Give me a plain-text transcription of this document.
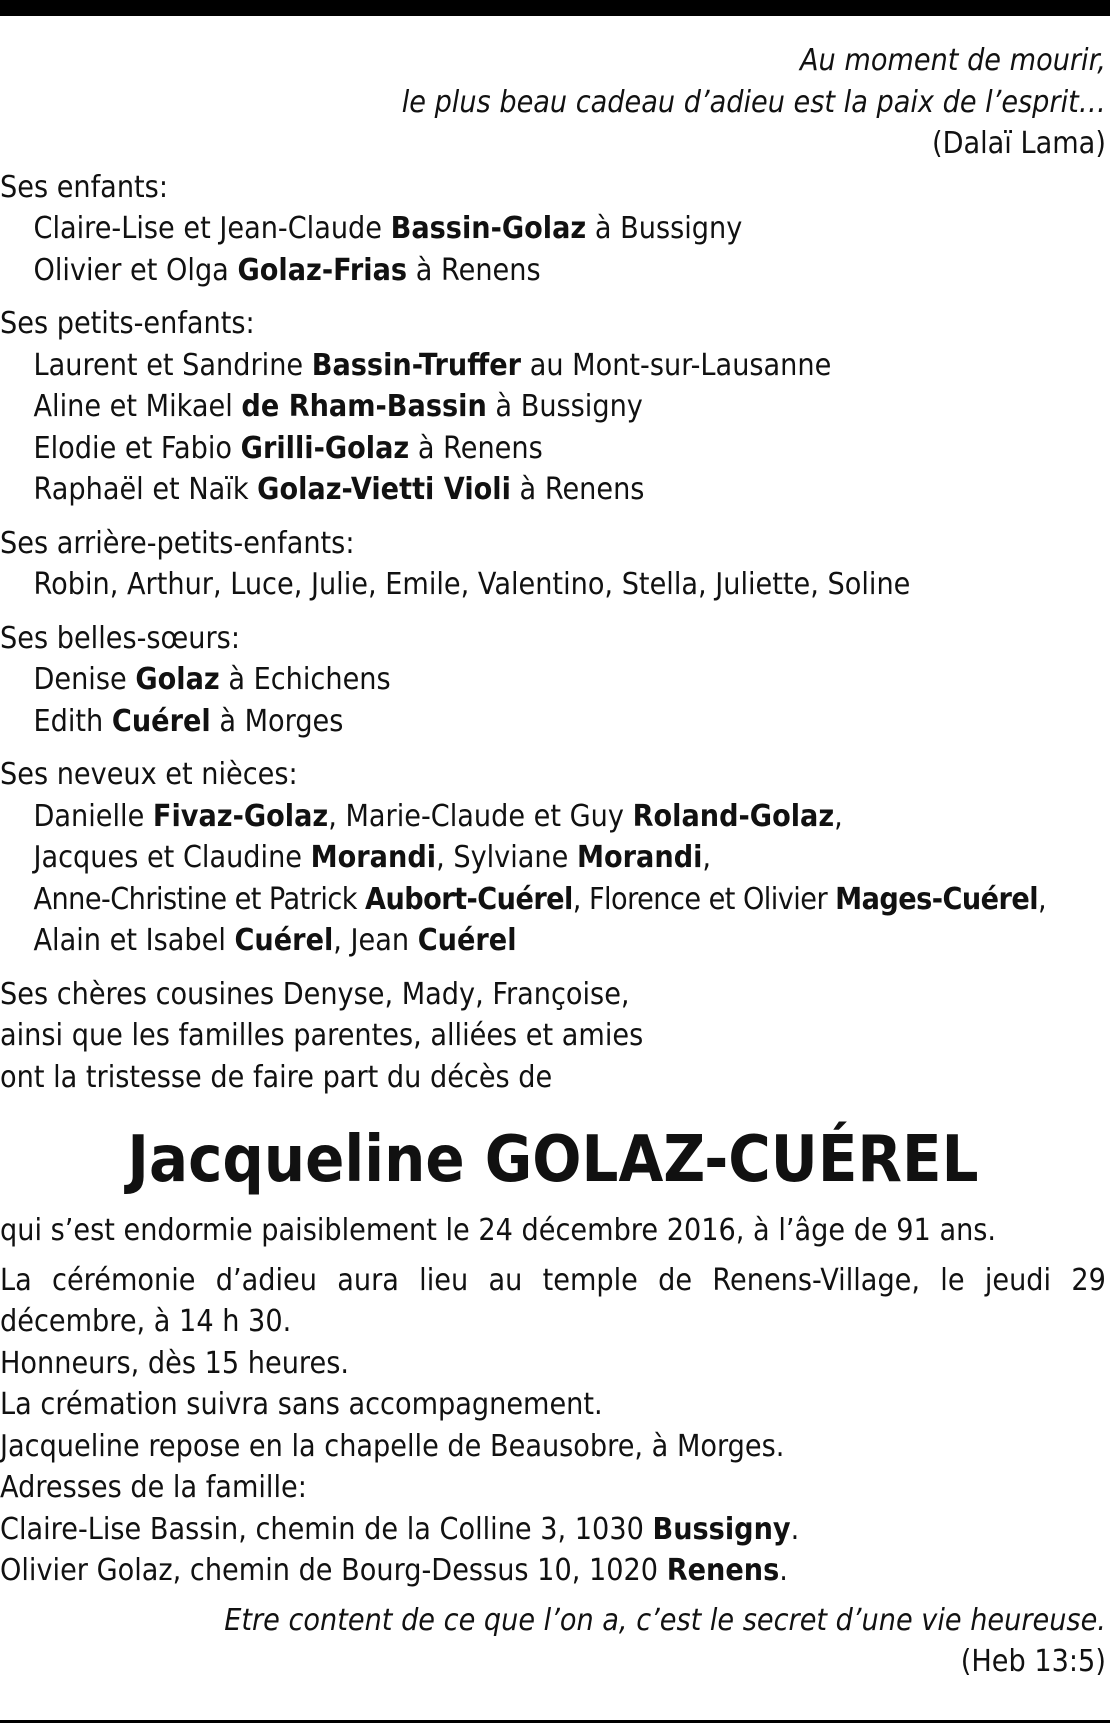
Au moment de mourir,
le plus beau cadeau d’adieu est la paix de l’esprit…
(Dalaï Lama)
Ses enfants:
Claire-Lise et Jean-Claude Bassin-Golaz à Bussigny
Olivier et Olga Golaz-Frias à Renens
Ses petits-enfants:
Laurent et Sandrine Bassin-Truffer au Mont-sur-Lausanne
Aline et Mikael de Rham-Bassin à Bussigny
Elodie et Fabio Grilli-Golaz à Renens
Raphaël et Naïk Golaz-Vietti Violi à Renens
Ses arrière-petits-enfants:
Robin, Arthur, Luce, Julie, Emile, Valentino, Stella, Juliette, Soline
Ses belles-sœurs:
Denise Golaz à Echichens
Edith Cuérel à Morges
Ses neveux et nièces:
Danielle Fivaz-Golaz, Marie-Claude et Guy Roland-Golaz,
Jacques et Claudine Morandi, Sylviane Morandi,
Anne-Christine et Patrick Aubort-Cuérel, Florence et Olivier Mages-Cuérel,
Alain et Isabel Cuérel, Jean Cuérel
Ses chères cousines Denyse, Mady, Françoise,
ainsi que les familles parentes, alliées et amies
ont la tristesse de faire part du décès de
Jacqueline GOLAZ-CUÉREL
qui s’est endormie paisiblement le 24 décembre 2016, à l’âge de 91 ans.
La cérémonie d’adieu aura lieu au temple de Renens-Village, le jeudi 29 décembre, à 14 h 30.
Honneurs, dès 15 heures.
La crémation suivra sans accompagnement.
Jacqueline repose en la chapelle de Beausobre, à Morges.
Adresses de la famille:
Claire-Lise Bassin, chemin de la Colline 3, 1030 Bussigny.
Olivier Golaz, chemin de Bourg-Dessus 10, 1020 Renens.
Etre content de ce que l’on a, c’est le secret d’une vie heureuse.
(Heb 13:5)
